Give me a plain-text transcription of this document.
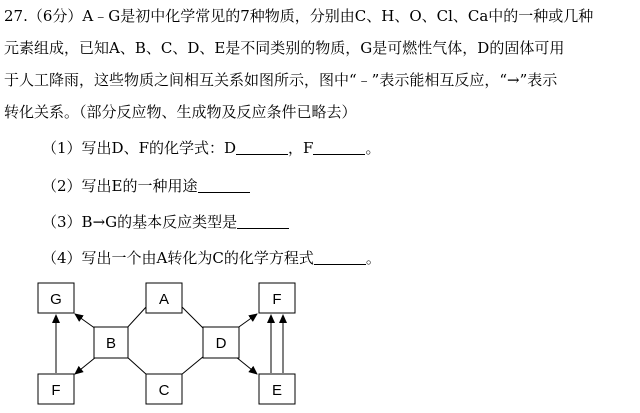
27.（6分）A﹣G是初中化学常见的7种物质，分别由C、H、O、Cl、Ca中的一种或几种
元素组成，已知A、B、C、D、E是不同类别的物质，G是可燃性气体，D的固体可用
于人工降雨，这些物质之间相互关系如图所示，图中“﹣”表示能相互反应，“→”表示
转化关系。（部分反应物、生成物及反应条件已略去）
（1）写出D、F的化学式：D	，F	。
（2）写出E的一种用途
（3）B→G的基本反应类型是
（4）写出一个由A转化为C的化学方程式	。
G	A	F
B	D
F	C	E
